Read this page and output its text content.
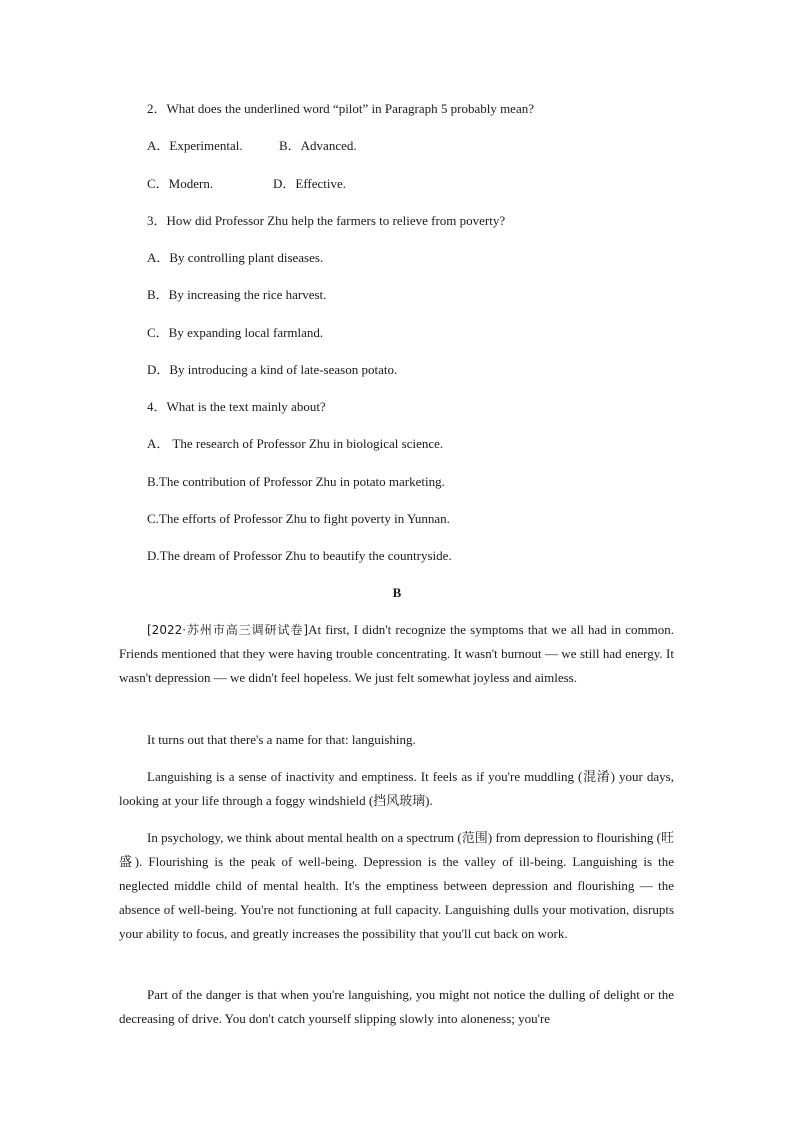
2．What does the underlined word “pilot” in Paragraph 5 probably mean?
A．Experimental.	B．Advanced.
C．Modern.	D．Effective.
3．How did Professor Zhu help the farmers to relieve from poverty?
A．By controlling plant diseases.
B．By increasing the rice harvest.
C．By expanding local farmland.
D．By introducing a kind of late-season potato.
4．What is the text mainly about?
A． The research of Professor Zhu in biological science.
B.The contribution of Professor Zhu in potato marketing.
C.The efforts of Professor Zhu to fight poverty in Yunnan.
D.The dream of Professor Zhu to beautify the countryside.
B

[2022·苏州市高三调研试卷]At first, I didn't recognize the symptoms that we all had in common. Friends mentioned that they were having trouble concentrating. It wasn't burnout — we still had energy. It wasn't depression — we didn't feel hopeless. We just felt somewhat joyless and aimless.

It turns out that there's a name for that: languishing.

Languishing is a sense of inactivity and emptiness. It feels as if you're muddling (混淆) your days, looking at your life through a foggy windshield (挡风玻璃).

In psychology, we think about mental health on a spectrum (范围) from depression to flourishing (旺盛). Flourishing is the peak of well-being. Depression is the valley of ill-being. Languishing is the neglected middle child of mental health. It's the emptiness between depression and flourishing — the absence of well-being. You're not functioning at full capacity. Languishing dulls your motivation, disrupts your ability to focus, and greatly increases the possibility that you'll cut back on work.

Part of the danger is that when you're languishing, you might not notice the dulling of delight or the decreasing of drive. You don't catch yourself slipping slowly into aloneness; you're
